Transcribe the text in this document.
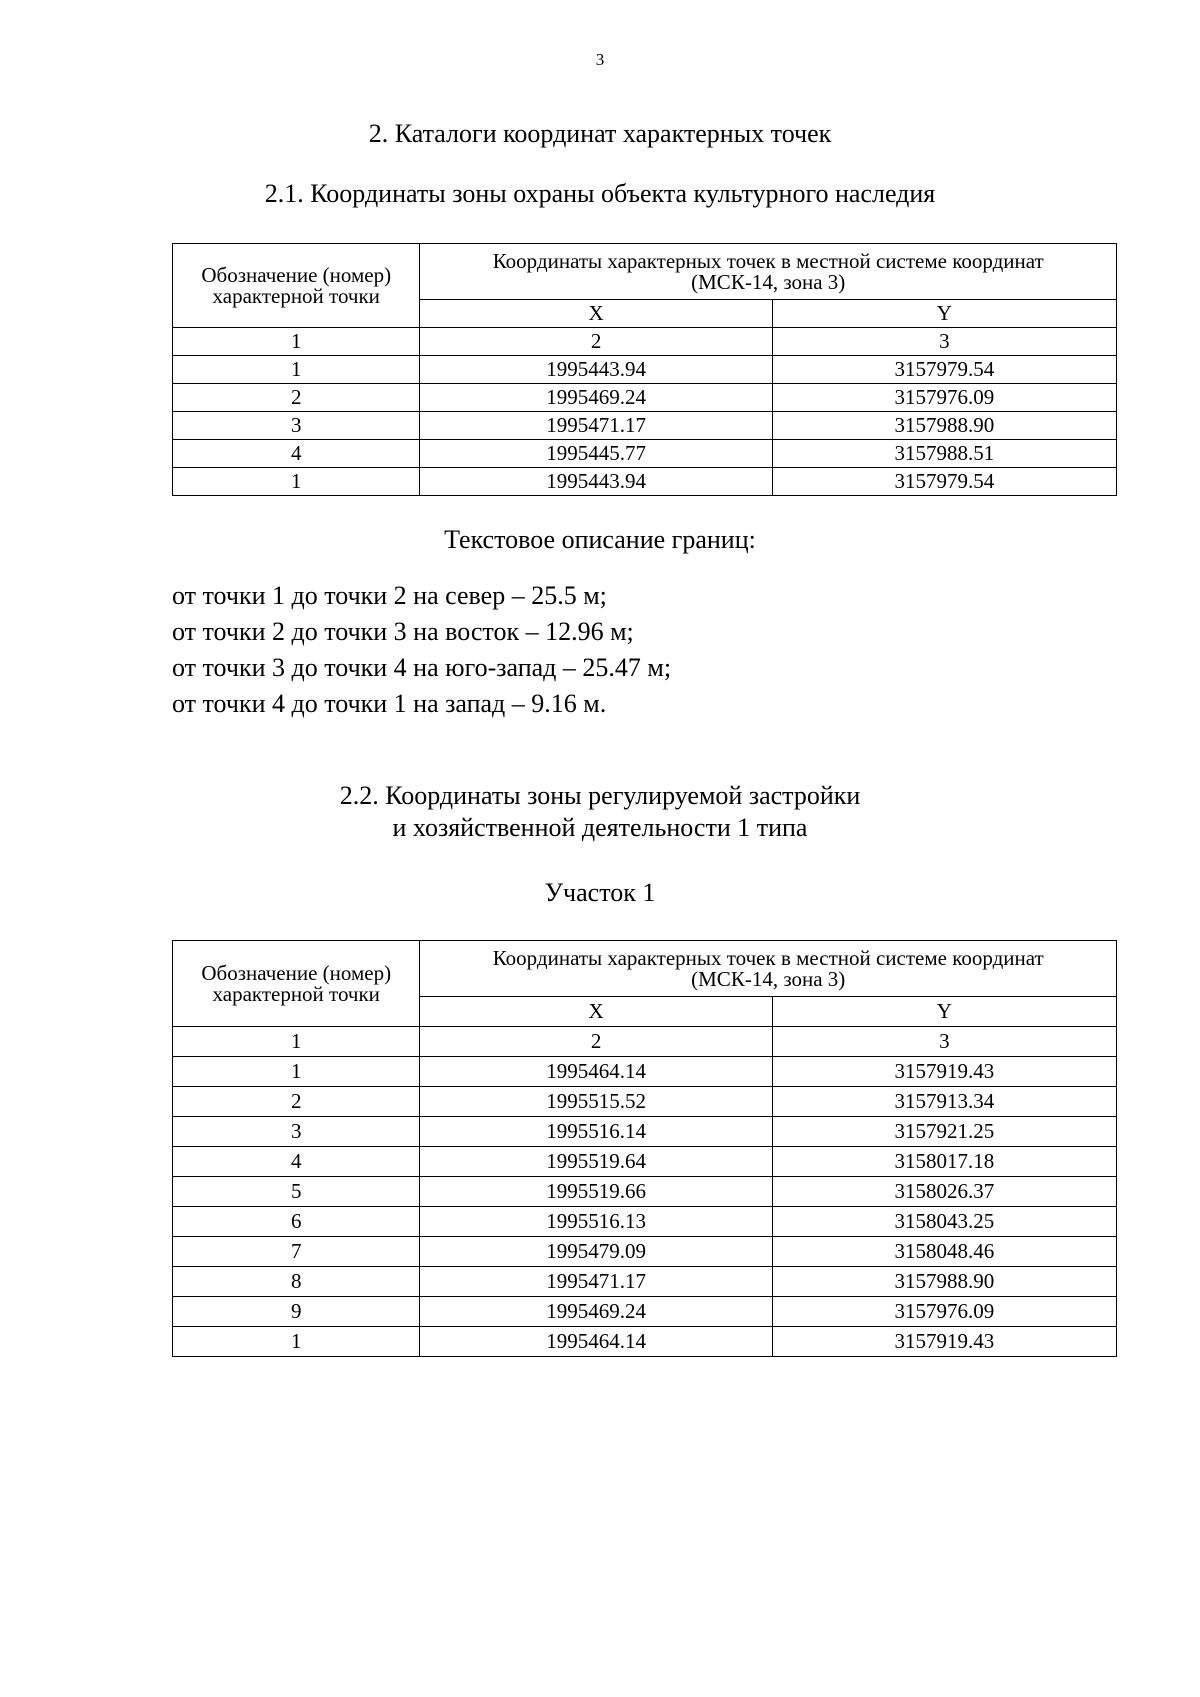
3
2. Каталоги координат характерных точек
2.1. Координаты зоны охраны объекта культурного наследия
Обозначение (номер)
характерной точки	Координаты характерных точек в местной системе координат
(МСК-14, зона 3)	

	X	Y
1	2	3
1	1995443.94	3157979.54
2	1995469.24	3157976.09
3	1995471.17	3157988.90
4	1995445.77	3157988.51
1	1995443.94	3157979.54
Текстовое описание границ:
от точки 1 до точки 2 на север – 25.5 м;
от точки 2 до точки 3 на восток – 12.96 м;
от точки 3 до точки 4 на юго-запад – 25.47 м;
от точки 4 до точки 1 на запад – 9.16 м.
2.2. Координаты зоны регулируемой застройки
и хозяйственной деятельности 1 типа
Участок 1
Обозначение (номер)
характерной точки	Координаты характерных точек в местной системе координат
(МСК-14, зона 3)	

	X	Y
1	2	3
1	1995464.14	3157919.43
2	1995515.52	3157913.34
3	1995516.14	3157921.25
4	1995519.64	3158017.18
5	1995519.66	3158026.37
6	1995516.13	3158043.25
7	1995479.09	3158048.46
8	1995471.17	3157988.90
9	1995469.24	3157976.09
1	1995464.14	3157919.43
